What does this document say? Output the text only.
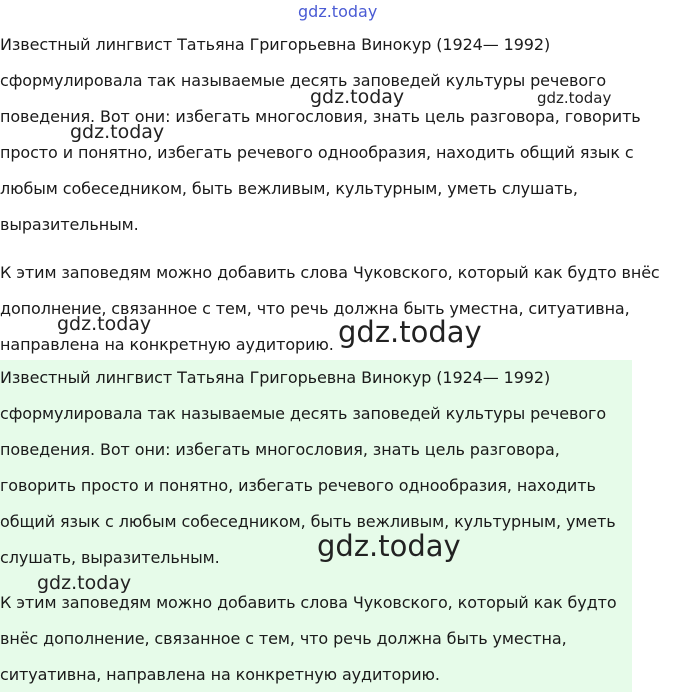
Известный лингвист Татьяна Григорьевна Винокур (1924— 1992) сформулировала так называемые десять заповедей культуры речевого поведения. Вот они: избегать многословия, знать цель разговора, говорить просто и понятно, избегать речевого однообразия, находить общий язык с любым собеседником, быть вежливым, культурным, уметь слушать, выразительным.

К этим заповедям можно добавить слова Чуковского, который как будто внёс дополнение, связанное с тем, что речь должна быть уместна, ситуативна, направлена на конкретную аудиторию.

Известный лингвист Татьяна Григорьевна Винокур (1924— 1992) сформулировала так называемые десять заповедей культуры речевого поведения. Вот они: избегать многословия, знать цель разговора, говорить просто и понятно, избегать речевого однообразия, находить общий язык с любым собеседником, быть вежливым, культурным, уметь слушать, выразительным.

К этим заповедям можно добавить слова Чуковского, который как будто внёс дополнение, связанное с тем, что речь должна быть уместна, ситуативна, направлена на конкретную аудиторию.

gdz.today
gdz.today	gdz.today
gdz.today
gdz.today	gdz.today
gdz.today
gdz.today
